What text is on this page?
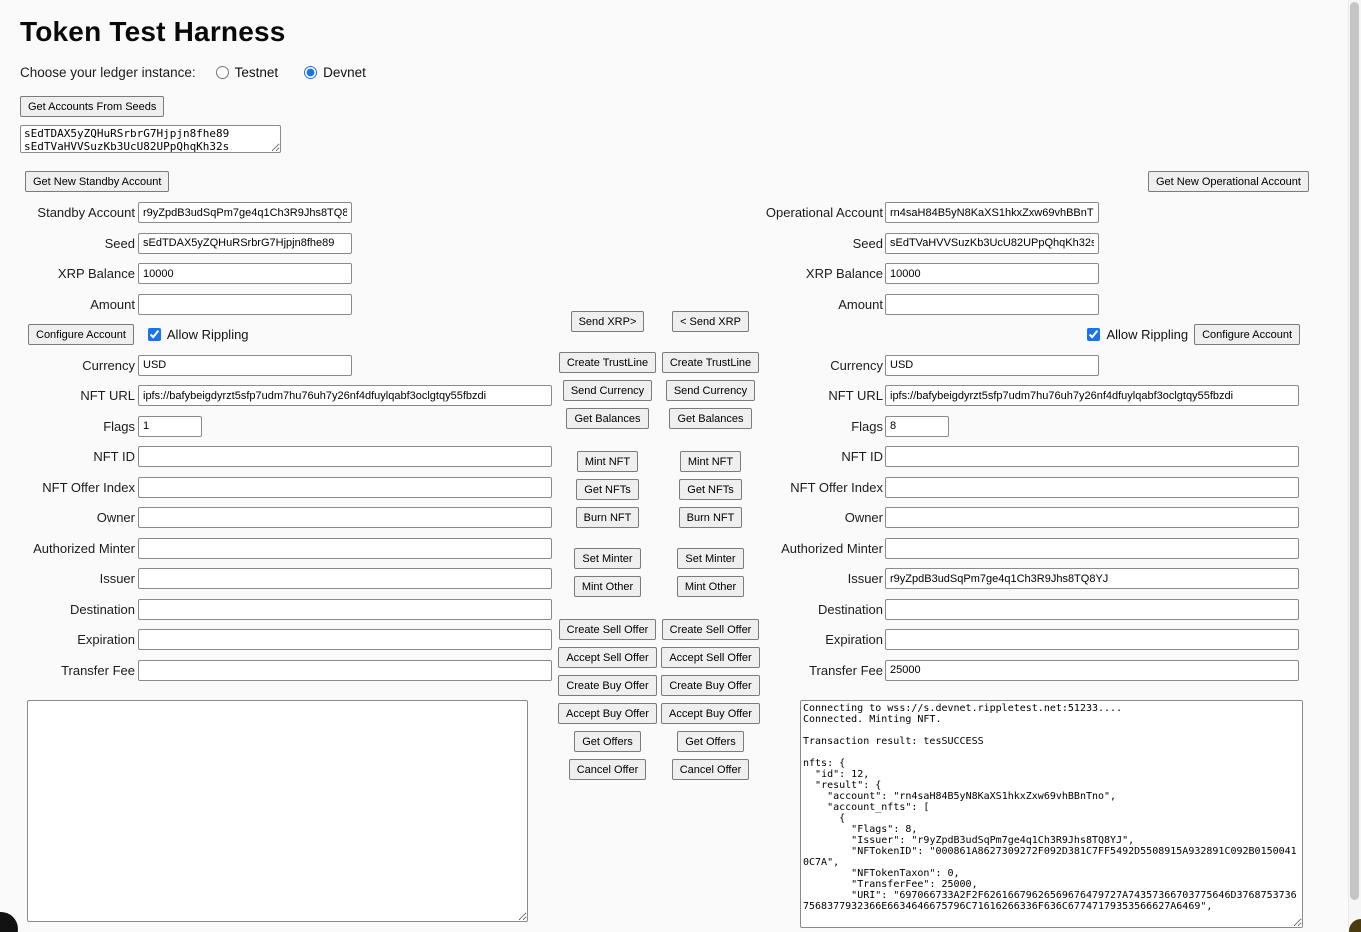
Token Test Harness
Choose your ledger instance:	Testnet	Devnet
Get Accounts From Seeds
sEdTDAX5yZQHuRSrbrG7Hjpjn8fhe89 sEdTVaHVVSuzKb3UcU82UPpQhqKh32s
Get New Standby Account	Get New Operational Account
Standby Account
r9yZpdB3udSqPm7ge4q1Ch3R9Jhs8TQ8YJ
Seed
sEdTDAX5yZQHuRSrbrG7Hjpjn8fhe89
XRP Balance
10000
Amount
Configure Account	Allow Rippling
Currency
USD
NFT URL
ipfs://bafybeigdyrzt5sfp7udm7hu76uh7y26nf4dfuylqabf3oclgtqy55fbzdi
Flags
1
NFT ID
NFT Offer Index
Owner
Authorized Minter
Issuer
Destination
Expiration
Transfer Fee
Operational Account
rn4saH84B5yN8KaXS1hkxZxw69vhBBnTno
Seed
sEdTVaHVVSuzKb3UcU82UPpQhqKh32s
XRP Balance
10000
Amount
Allow Rippling	Configure Account
Currency
USD
NFT URL
ipfs://bafybeigdyrzt5sfp7udm7hu76uh7y26nf4dfuylqabf3oclgtqy55fbzdi
Flags
8
NFT ID
NFT Offer Index
Owner
Authorized Minter
Issuer
r9yZpdB3udSqPm7ge4q1Ch3R9Jhs8TQ8YJ
Destination
Expiration
Transfer Fee
25000
Send XRP>	< Send XRP
Create TrustLine
Send Currency
Get Balances
Create TrustLine
Send Currency
Get Balances
Mint NFT
Get NFTs
Burn NFT
Mint NFT
Get NFTs
Burn NFT
Set Minter
Mint Other
Set Minter
Mint Other
Create Sell Offer
Accept Sell Offer
Create Buy Offer
Accept Buy Offer
Get Offers
Cancel Offer
Create Sell Offer
Accept Sell Offer
Create Buy Offer
Accept Buy Offer
Get Offers
Cancel Offer
Connecting to wss://s.devnet.rippletest.net:51233.... Connected. Minting NFT. Transaction result: tesSUCCESS nfts: { "id": 12, "result": { "account": "rn4saH84B5yN8KaXS1hkxZxw69vhBBnTno", "account_nfts": [ { "Flags": 8, "Issuer": "r9yZpdB3udSqPm7ge4q1Ch3R9Jhs8TQ8YJ", "NFTokenID": "000861A8627309272F092D381C7FF5492D5508915A932891C092B01500410C7A", "NFTokenTaxon": 0, "TransferFee": 25000, "URI": "697066733A2F2F62616679626569676479727A74357366703775646D37687537367568377932366E6634646675796C71616266336F636C67747179353566627A6469",
